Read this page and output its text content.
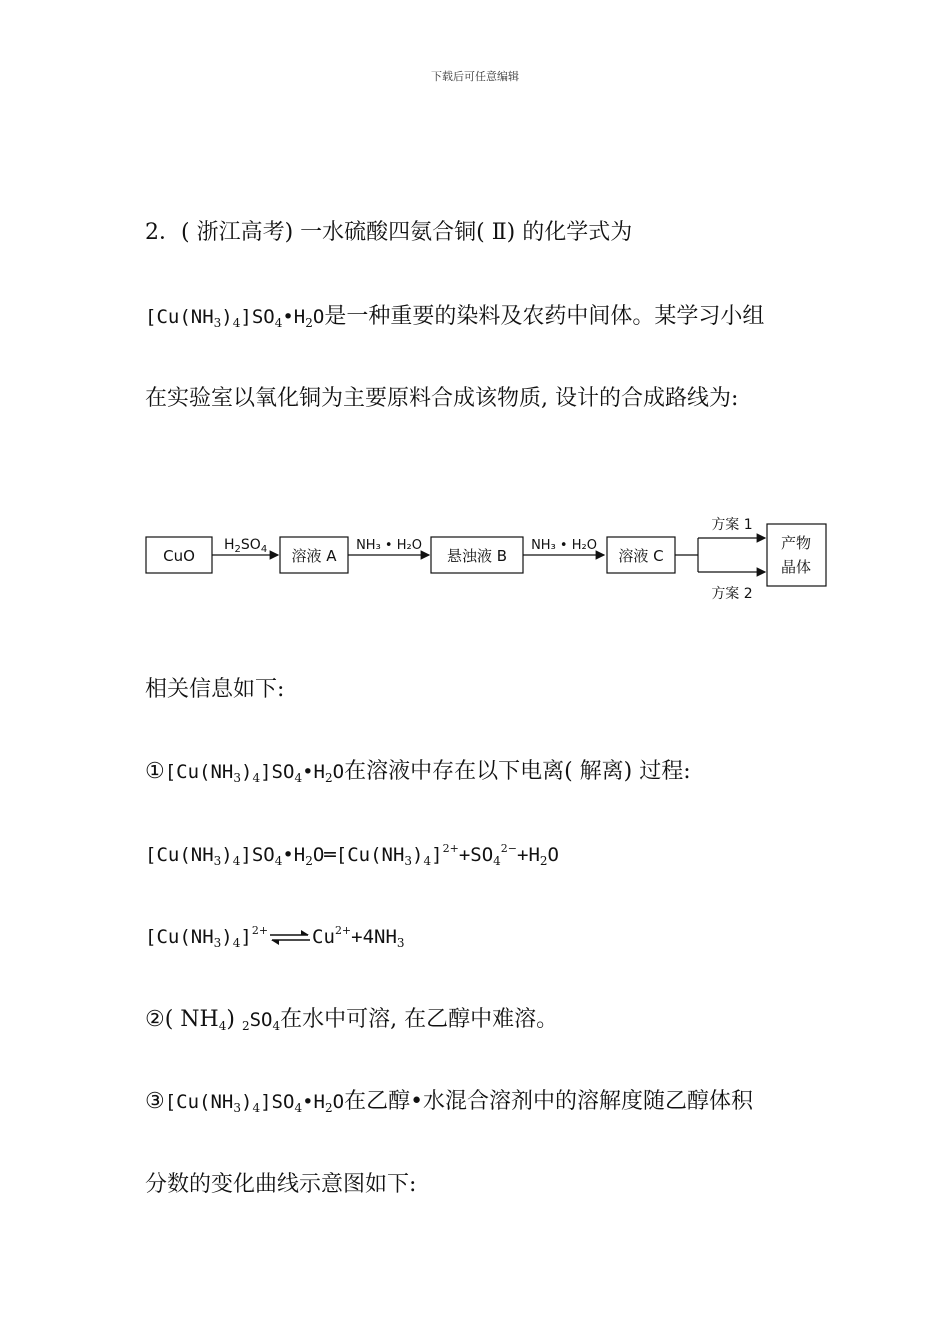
下载后可任意编辑
2．( 浙江高考) 一水硫酸四氨合铜( Ⅱ) 的化学式为
$[Cu(NH_3)_4]SO_4•H_2O$是一种重要的染料及农药中间体。某学习小组
在实验室以氧化铜为主要原料合成该物质, 设计的合成路线为:
CuO
$H_2SO_4$ 溶液 A
NH₃ • H₂O
悬浊液 B
NH₃ • H₂O
溶液 C
方案 1
方案 2
产物
晶体
相关信息如下:
$①[Cu(NH_3)_4]SO_4•H_2O$在溶液中存在以下电离( 解离) 过程:
$[Cu(NH_3)_4]SO_4•H_2O═[Cu(NH_3)_4]^{2+}+SO_4^{2-}+H_2O$
$[Cu(NH_3)_4]^{2+}\rightleftharpoons Cu^{2+}+4NH_3$
②( $NH_4$) $_2SO_4$在水中可溶, 在乙醇中难溶。
$③[Cu(NH_3)_4]SO_4•H_2O$在乙醇•水混合溶剂中的溶解度随乙醇体积
分数的变化曲线示意图如下:
